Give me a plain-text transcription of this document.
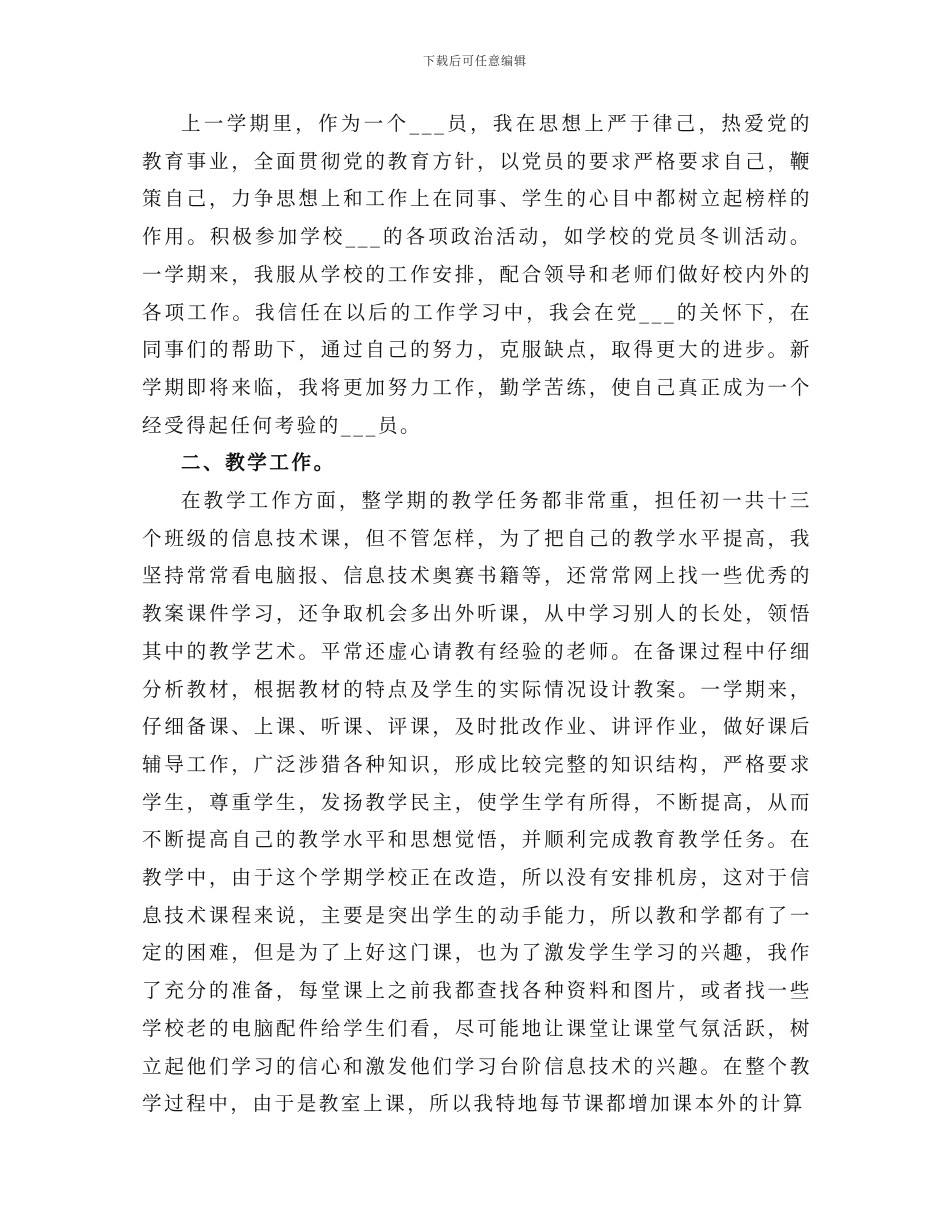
下载后可任意编辑

上一学期里，作为一个___员，我在思想上严于律己，热爱党的教育事业，全面贯彻党的教育方针，以党员的要求严格要求自己，鞭策自己，力争思想上和工作上在同事、学生的心目中都树立起榜样的作用。积极参加学校___的各项政治活动，如学校的党员冬训活动。一学期来，我服从学校的工作安排，配合领导和老师们做好校内外的各项工作。我信任在以后的工作学习中，我会在党___的关怀下，在同事们的帮助下，通过自己的努力，克服缺点，取得更大的进步。新学期即将来临，我将更加努力工作，勤学苦练，使自己真正成为一个经受得起任何考验的___员。

二、教学工作。

在教学工作方面，整学期的教学任务都非常重，担任初一共十三个班级的信息技术课，但不管怎样，为了把自己的教学水平提高，我坚持常常看电脑报、信息技术奥赛书籍等，还常常网上找一些优秀的教案课件学习，还争取机会多出外听课，从中学习别人的长处，领悟其中的教学艺术。平常还虚心请教有经验的老师。在备课过程中仔细分析教材，根据教材的特点及学生的实际情况设计教案。一学期来，仔细备课、上课、听课、评课，及时批改作业、讲评作业，做好课后辅导工作，广泛涉猎各种知识，形成比较完整的知识结构，严格要求学生，尊重学生，发扬教学民主，使学生学有所得，不断提高，从而不断提高自己的教学水平和思想觉悟，并顺利完成教育教学任务。在教学中，由于这个学期学校正在改造，所以没有安排机房，这对于信息技术课程来说，主要是突出学生的动手能力，所以教和学都有了一定的困难，但是为了上好这门课，也为了激发学生学习的兴趣，我作了充分的准备，每堂课上之前我都查找各种资料和图片，或者找一些学校老的电脑配件给学生们看，尽可能地让课堂让课堂气氛活跃，树立起他们学习的信心和激发他们学习台阶信息技术的兴趣。在整个教学过程中，由于是教室上课，所以我特地每节课都增加课本外的计算
